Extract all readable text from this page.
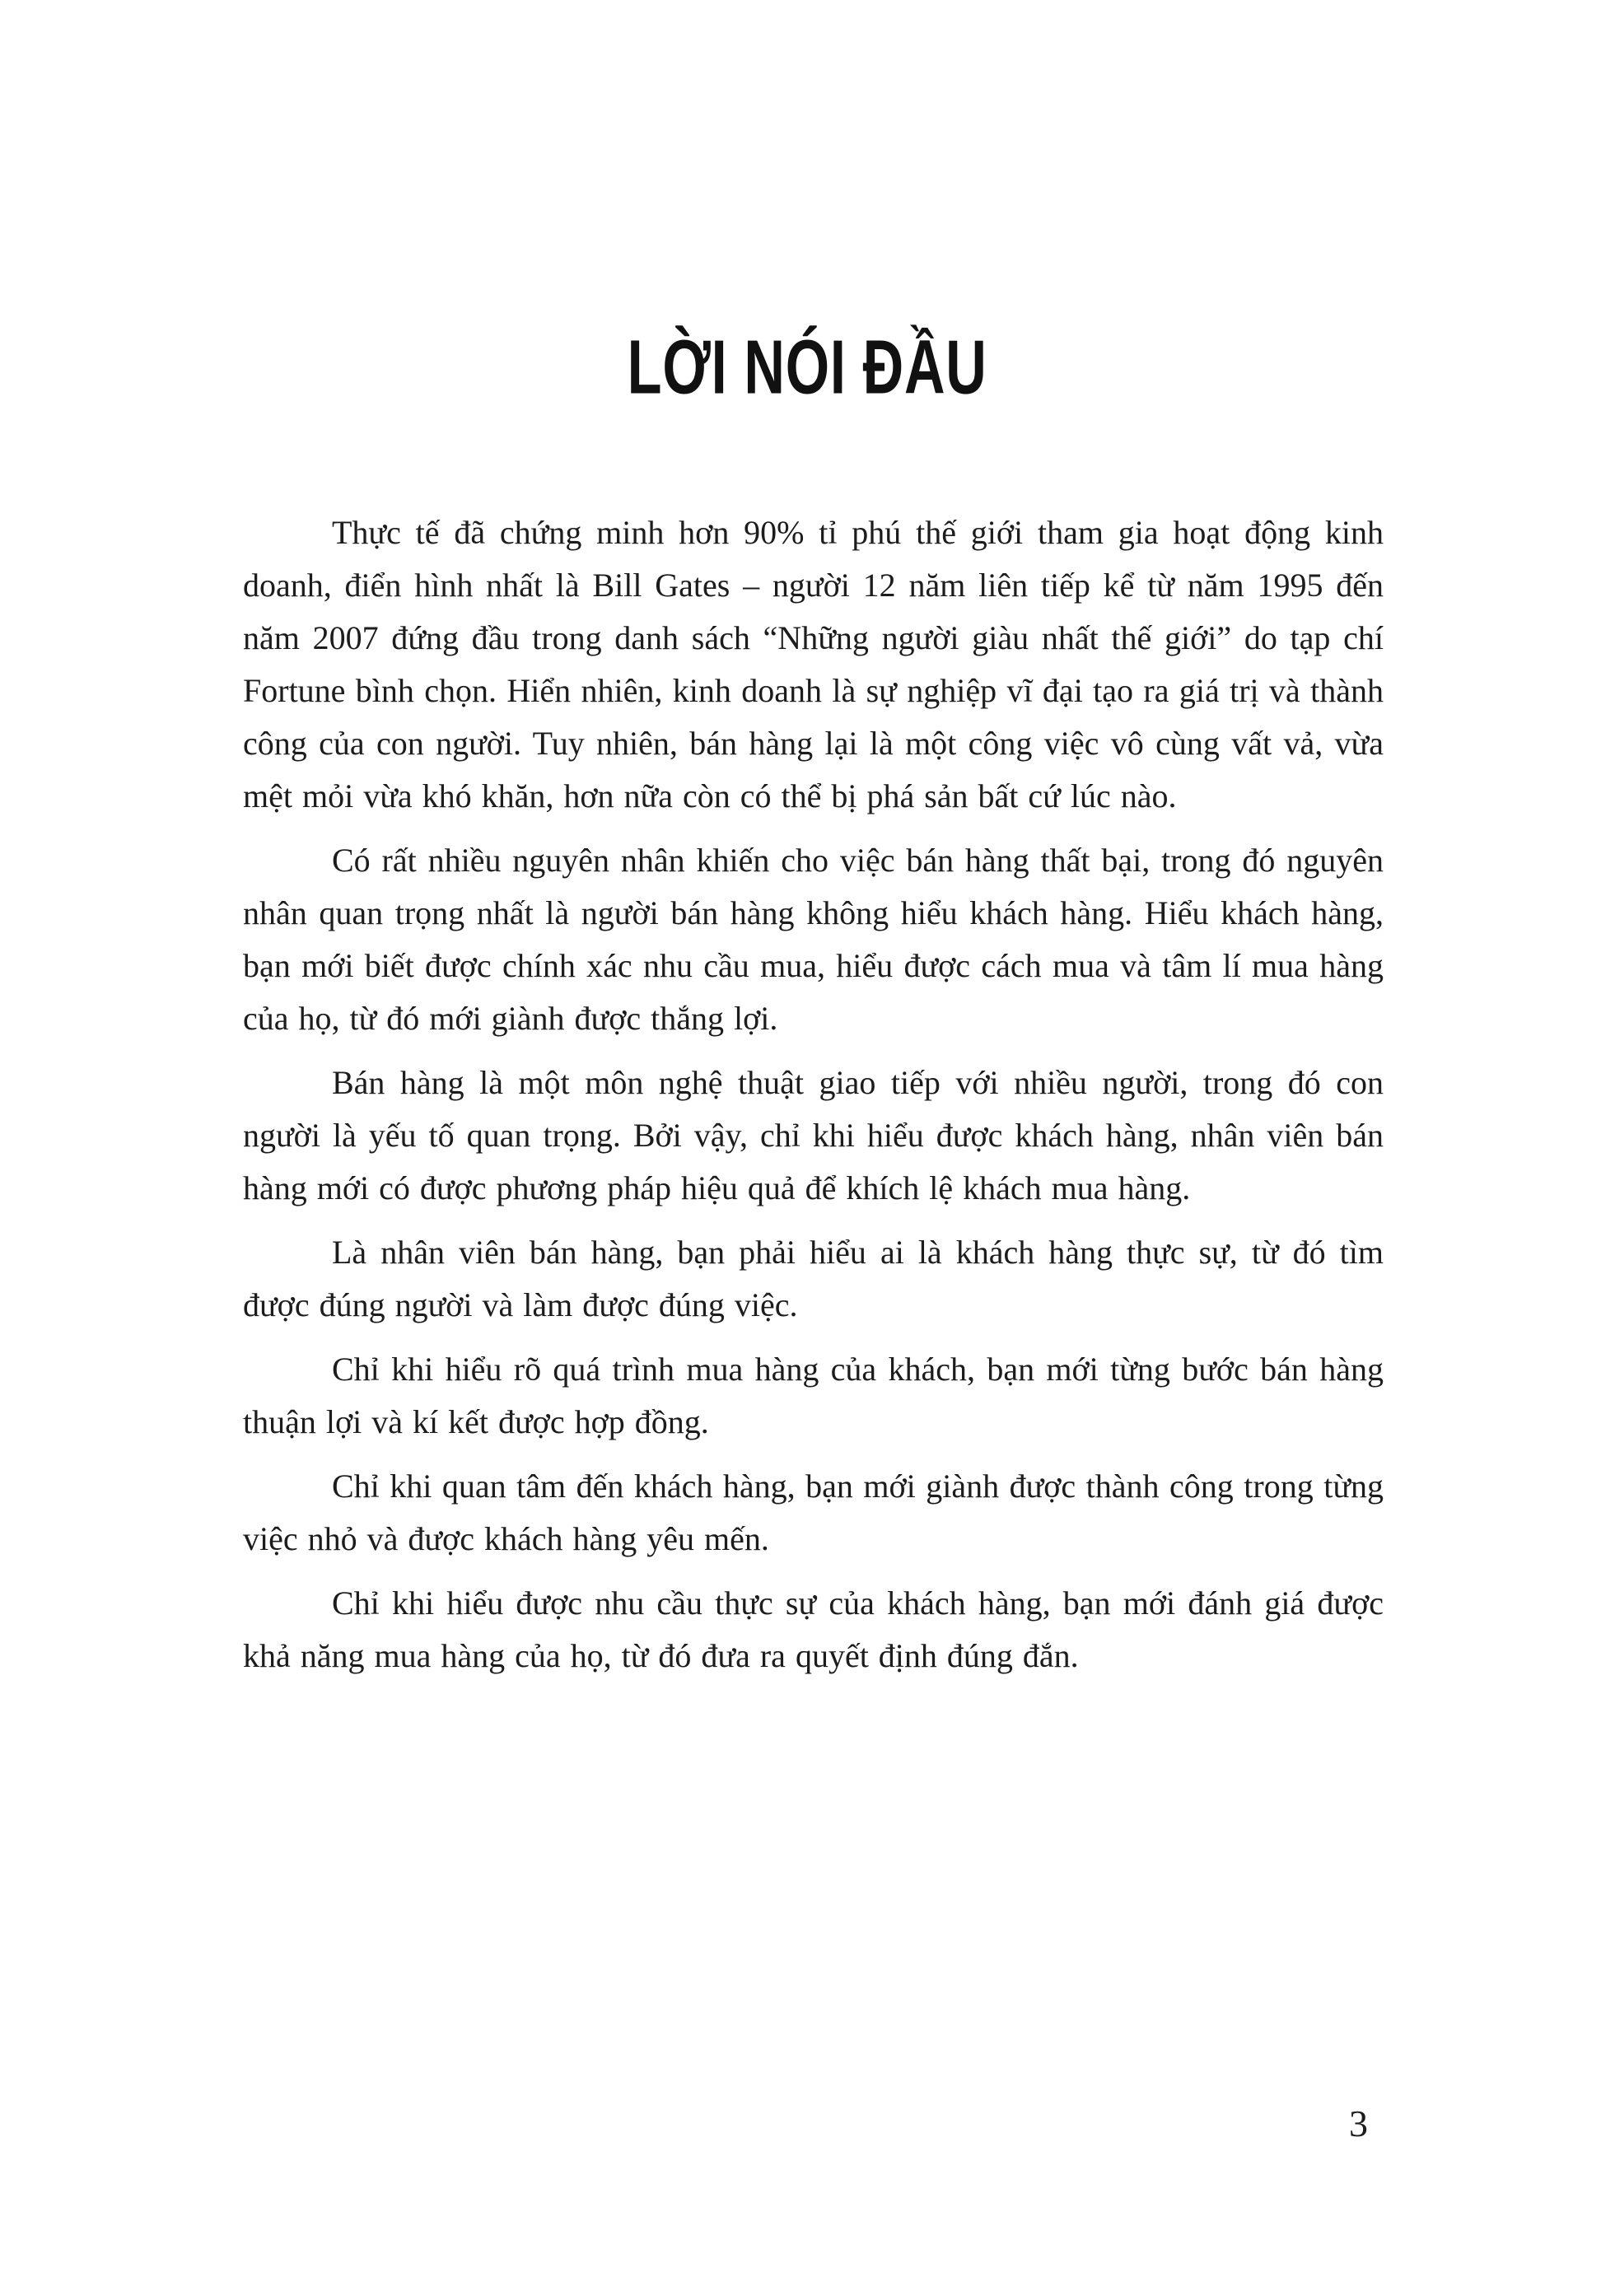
LỜI NÓI ĐẦU

Thực tế đã chứng minh hơn 90% tỉ phú thế giới tham gia hoạt động kinh doanh, điển hình nhất là Bill Gates – người 12 năm liên tiếp kể từ năm 1995 đến năm 2007 đứng đầu trong danh sách “Những người giàu nhất thế giới” do tạp chí Fortune bình chọn. Hiển nhiên, kinh doanh là sự nghiệp vĩ đại tạo ra giá trị và thành công của con người. Tuy nhiên, bán hàng lại là một công việc vô cùng vất vả, vừa mệt mỏi vừa khó khăn, hơn nữa còn có thể bị phá sản bất cứ lúc nào.

Có rất nhiều nguyên nhân khiến cho việc bán hàng thất bại, trong đó nguyên nhân quan trọng nhất là người bán hàng không hiểu khách hàng. Hiểu khách hàng, bạn mới biết được chính xác nhu cầu mua, hiểu được cách mua và tâm lí mua hàng của họ, từ đó mới giành được thắng lợi.

Bán hàng là một môn nghệ thuật giao tiếp với nhiều người, trong đó con người là yếu tố quan trọng. Bởi vậy, chỉ khi hiểu được khách hàng, nhân viên bán hàng mới có được phương pháp hiệu quả để khích lệ khách mua hàng.

Là nhân viên bán hàng, bạn phải hiểu ai là khách hàng thực sự, từ đó tìm được đúng người và làm được đúng việc.

Chỉ khi hiểu rõ quá trình mua hàng của khách, bạn mới từng bước bán hàng thuận lợi và kí kết được hợp đồng.

Chỉ khi quan tâm đến khách hàng, bạn mới giành được thành công trong từng việc nhỏ và được khách hàng yêu mến.

Chỉ khi hiểu được nhu cầu thực sự của khách hàng, bạn mới đánh giá được khả năng mua hàng của họ, từ đó đưa ra quyết định đúng đắn.

3
